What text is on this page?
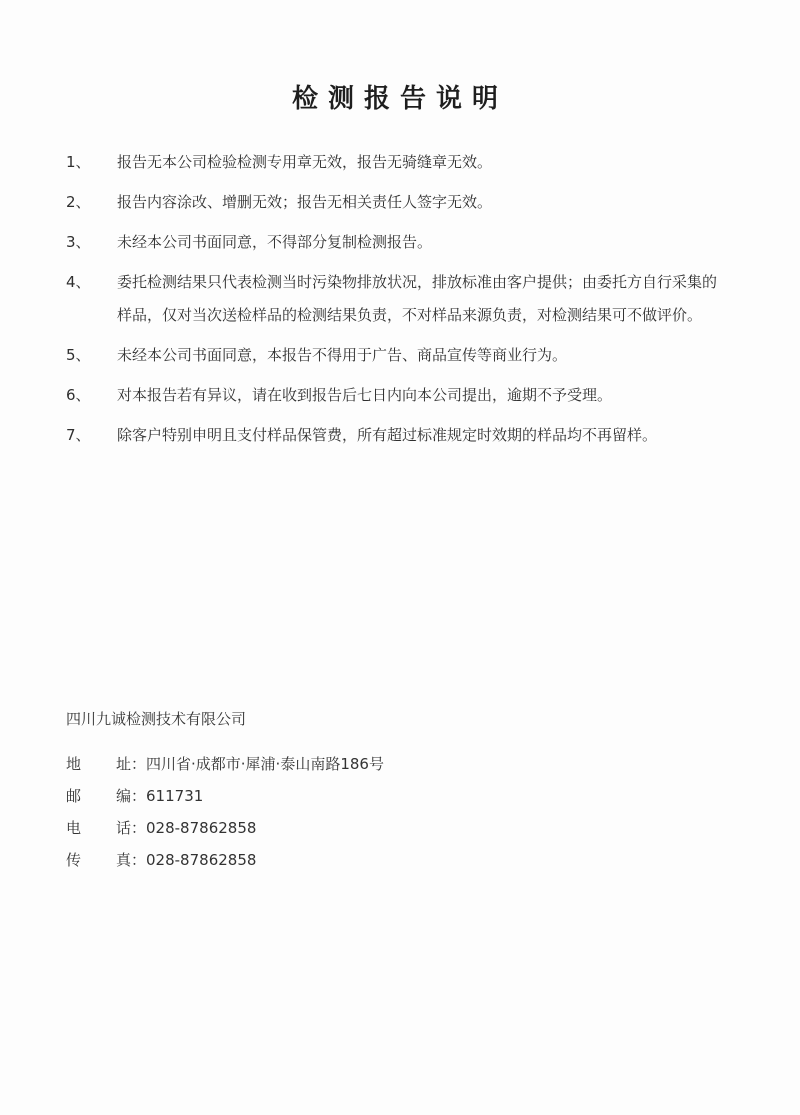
检测报告说明
1、	报告无本公司检验检测专用章无效，报告无骑缝章无效。
2、	报告内容涂改、增删无效；报告无相关责任人签字无效。
3、	未经本公司书面同意，不得部分复制检测报告。
4、	委托检测结果只代表检测当时污染物排放状况，排放标准由客户提供；由委托方自行采集的样品，仅对当次送检样品的检测结果负责，不对样品来源负责，对检测结果可不做评价。
5、	未经本公司书面同意，本报告不得用于广告、商品宣传等商业行为。
6、	对本报告若有异议，请在收到报告后七日内向本公司提出，逾期不予受理。
7、	除客户特别申明且支付样品保管费，所有超过标准规定时效期的样品均不再留样。
四川九诚检测技术有限公司
地 址：四川省·成都市·犀浦·泰山南路186号
邮 编：611731
电 话：028-87862858
传 真：028-87862858
